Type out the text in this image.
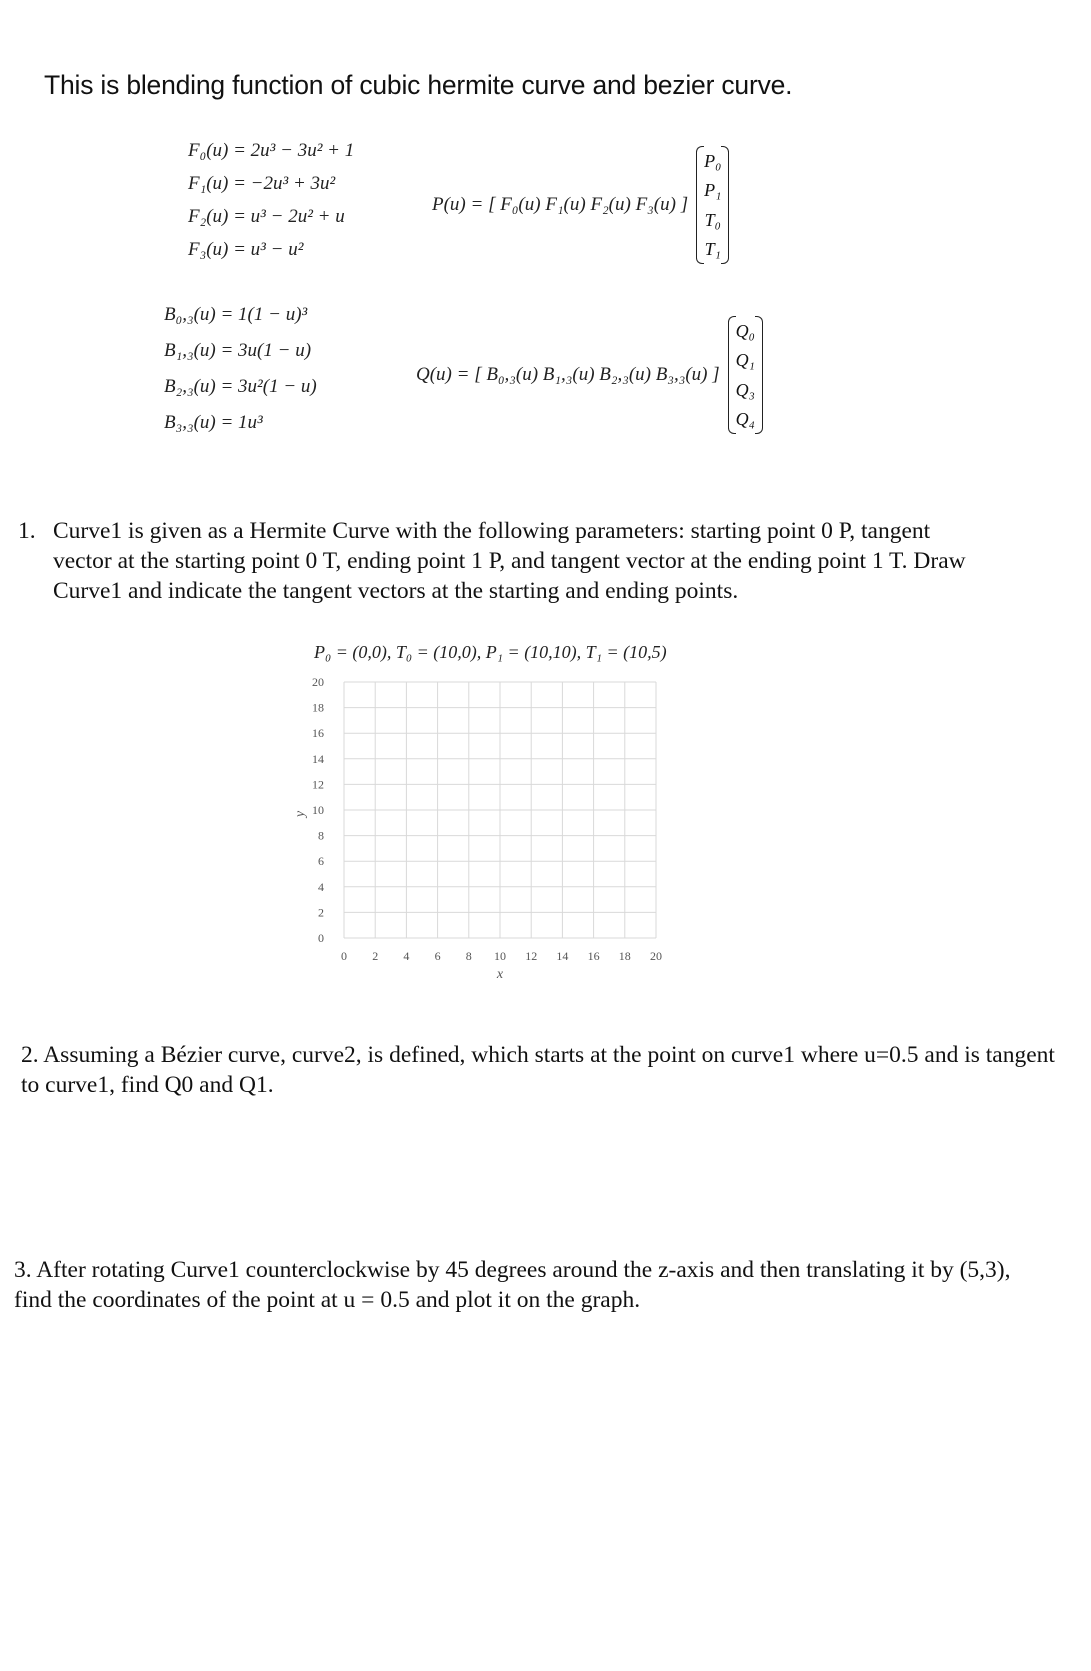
This is blending function of cubic hermite curve and bezier curve.
F₀(u) = 2u³ − 3u² + 1
F₁(u) = −2u³ + 3u²
F₂(u) = u³ − 2u² + u
F₃(u) = u³ − u²
P(u) = [ F₀(u) F₁(u) F₂(u) F₃(u) ]
P₀
P₁
T₀
T₁
B₀,₃(u) = 1(1 − u)³
B₁,₃(u) = 3u(1 − u)
B₂,₃(u) = 3u²(1 − u)
B₃,₃(u) = 1u³
Q(u) = [ B₀,₃(u) B₁,₃(u) B₂,₃(u) B₃,₃(u) ]
Q₀
Q₁
Q₃
Q₄
1. Curve1 is given as a Hermite Curve with the following parameters: starting point 0 P, tangent vector at the starting point 0 T, ending point 1 P, and tangent vector at the ending point 1 T. Draw Curve1 and indicate the tangent vectors at the starting and ending points.
P₀ = (0,0), T₀ = (10,0), P₁ = (10,10), T₁ = (10,5)
0
2
4
6
8
10
12
14
16
18
20
0 2 4 6 8 10 12 14 16 18 20
x
y
2. Assuming a Bézier curve, curve2, is defined, which starts at the point on curve1 where u=0.5 and is tangent to curve1, find Q0 and Q1.
3. After rotating Curve1 counterclockwise by 45 degrees around the z-axis and then translating it by (5,3), find the coordinates of the point at u = 0.5 and plot it on the graph.
